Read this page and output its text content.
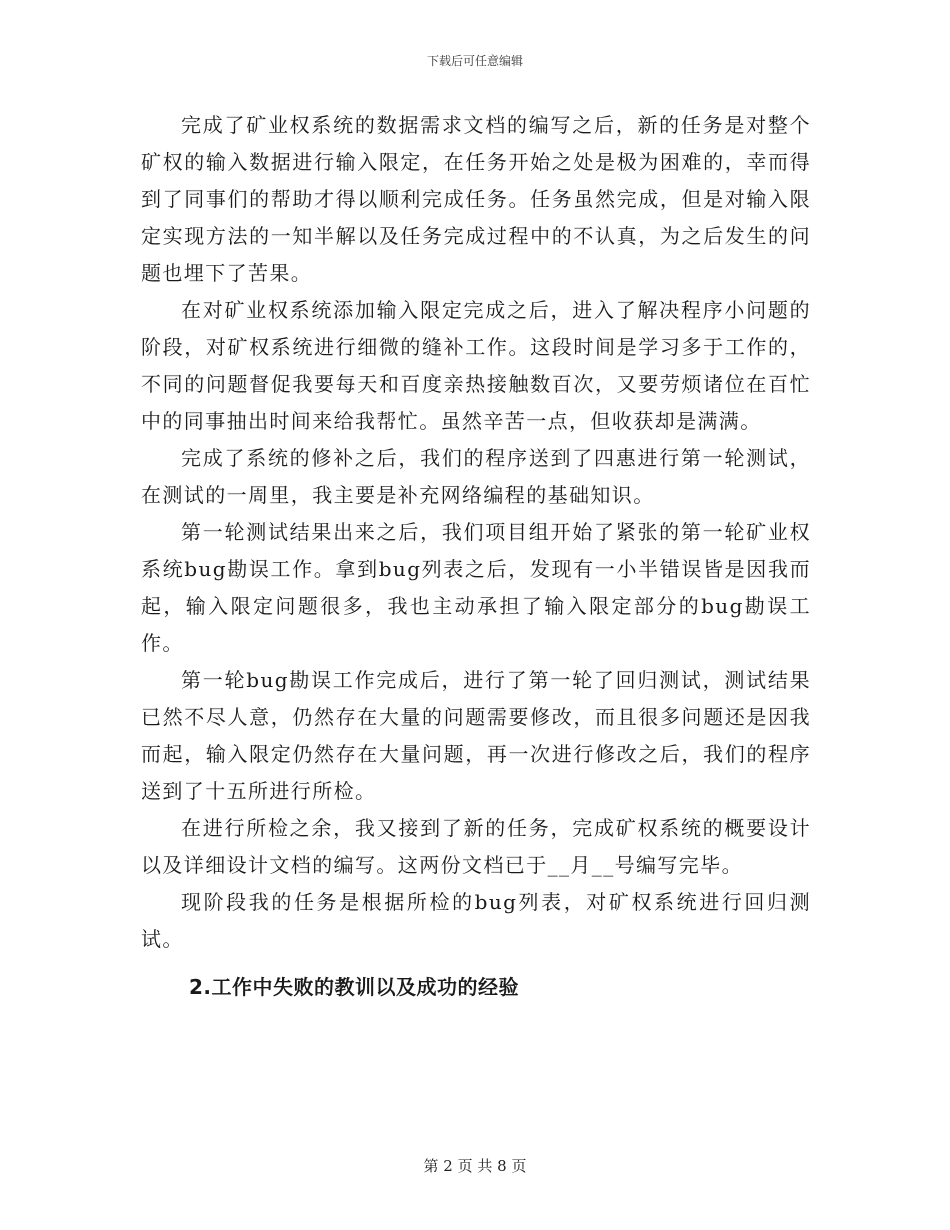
下载后可任意编辑

完成了矿业权系统的数据需求文档的编写之后，新的任务是对整个矿权的输入数据进行输入限定，在任务开始之处是极为困难的，幸而得到了同事们的帮助才得以顺利完成任务。任务虽然完成，但是对输入限定实现方法的一知半解以及任务完成过程中的不认真，为之后发生的问题也埋下了苦果。

在对矿业权系统添加输入限定完成之后，进入了解决程序小问题的阶段，对矿权系统进行细微的缝补工作。这段时间是学习多于工作的，不同的问题督促我要每天和百度亲热接触数百次，又要劳烦诸位在百忙中的同事抽出时间来给我帮忙。虽然辛苦一点，但收获却是满满。

完成了系统的修补之后，我们的程序送到了四惠进行第一轮测试，在测试的一周里，我主要是补充网络编程的基础知识。

第一轮测试结果出来之后，我们项目组开始了紧张的第一轮矿业权系统bug勘误工作。拿到bug列表之后，发现有一小半错误皆是因我而起，输入限定问题很多，我也主动承担了输入限定部分的bug勘误工作。

第一轮bug勘误工作完成后，进行了第一轮了回归测试，测试结果已然不尽人意，仍然存在大量的问题需要修改，而且很多问题还是因我而起，输入限定仍然存在大量问题，再一次进行修改之后，我们的程序送到了十五所进行所检。

在进行所检之余，我又接到了新的任务，完成矿权系统的概要设计以及详细设计文档的编写。这两份文档已于__月__号编写完毕。

现阶段我的任务是根据所检的bug列表，对矿权系统进行回归测试。

2.工作中失败的教训以及成功的经验
第 2 页 共 8 页
